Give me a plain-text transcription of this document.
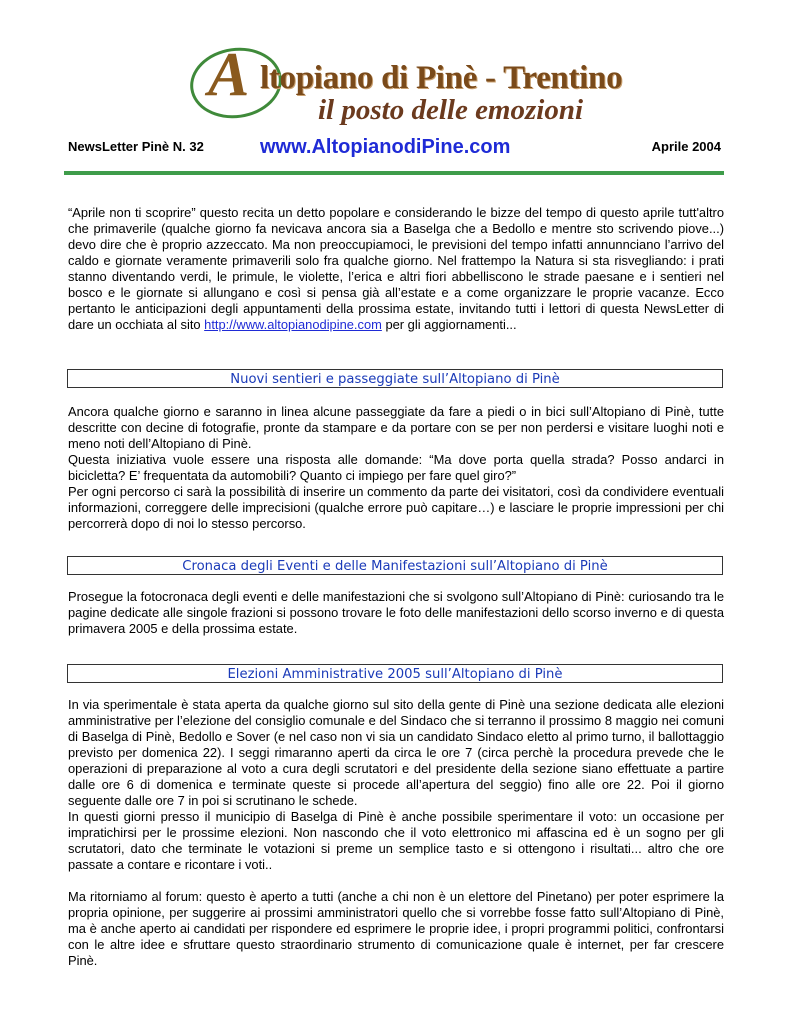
A ltopiano di Pinè - Trentino
il posto delle emozioni
NewsLetter Pinè N. 32	www.AltopianodiPine.com	Aprile 2004

“Aprile non ti scoprire” questo recita un detto popolare e considerando le bizze del tempo di questo aprile tutt'altro che primaverile (qualche giorno fa nevicava ancora sia a Baselga che a Bedollo e mentre sto scrivendo piove...) devo dire che è proprio azzeccato. Ma non preoccupiamoci, le previsioni del tempo infatti annunnciano l’arrivo del caldo e giornate veramente primaverili solo fra qualche giorno. Nel frattempo la Natura si sta risvegliando: i prati stanno diventando verdi, le primule, le violette, l’erica e altri fiori abbelliscono le strade paesane e i sentieri nel bosco e le giornate si allungano e così si pensa già all’estate e a come organizzare le proprie vacanze. Ecco pertanto le anticipazioni degli appuntamenti della prossima estate, invitando tutti i lettori di questa NewsLetter di dare un occhiata al sito http://www.altopianodipine.com per gli aggiornamenti...

Nuovi sentieri e passeggiate sull’Altopiano di Pinè

Ancora qualche giorno e saranno in linea alcune passeggiate da fare a piedi o in bici sull’Altopiano di Pinè, tutte descritte con decine di fotografie, pronte da stampare e da portare con se per non perdersi e visitare luoghi noti e meno noti dell’Altopiano di Pinè.

Questa iniziativa vuole essere una risposta alle domande: “Ma dove porta quella strada? Posso andarci in bicicletta? E’ frequentata da automobili? Quanto ci impiego per fare quel giro?”

Per ogni percorso ci sarà la possibilità di inserire un commento da parte dei visitatori, così da condividere eventuali informazioni, correggere delle imprecisioni (qualche errore può capitare…) e lasciare le proprie impressioni per chi percorrerà dopo di noi lo stesso percorso.

Cronaca degli Eventi e delle Manifestazioni sull’Altopiano di Pinè

Prosegue la fotocronaca degli eventi e delle manifestazioni che si svolgono sull’Altopiano di Pinè: curiosando tra le pagine dedicate alle singole frazioni si possono trovare le foto delle manifestazioni dello scorso inverno e di questa primavera 2005 e della prossima estate.

Elezioni Amministrative 2005 sull’Altopiano di Pinè

In via sperimentale è stata aperta da qualche giorno sul sito della gente di Pinè una sezione dedicata alle elezioni amministrative per l’elezione del consiglio comunale e del Sindaco che si terranno il prossimo 8 maggio nei comuni di Baselga di Pinè, Bedollo e Sover (e nel caso non vi sia un candidato Sindaco eletto al primo turno, il ballottaggio previsto per domenica 22). I seggi rimaranno aperti da circa le ore 7 (circa perchè la procedura prevede che le operazioni di preparazione al voto a cura degli scrutatori e del presidente della sezione siano effettuate a partire dalle ore 6 di domenica e terminate queste si procede all’apertura del seggio) fino alle ore 22. Poi il giorno seguente dalle ore 7 in poi si scrutinano le schede.

In questi giorni presso il municipio di Baselga di Pinè è anche possibile sperimentare il voto: un occasione per impratichirsi per le prossime elezioni. Non nascondo che il voto elettronico mi affascina ed è un sogno per gli scrutatori, dato che terminate le votazioni si preme un semplice tasto e si ottengono i risultati... altro che ore passate a contare e ricontare i voti..

Ma ritorniamo al forum: questo è aperto a tutti (anche a chi non è un elettore del Pinetano) per poter esprimere la propria opinione, per suggerire ai prossimi amministratori quello che si vorrebbe fosse fatto sull’Altopiano di Pinè, ma è anche aperto ai candidati per rispondere ed esprimere le proprie idee, i propri programmi politici, confrontarsi con le altre idee e sfruttare questo straordinario strumento di comunicazione quale è internet, per far crescere Pinè.
